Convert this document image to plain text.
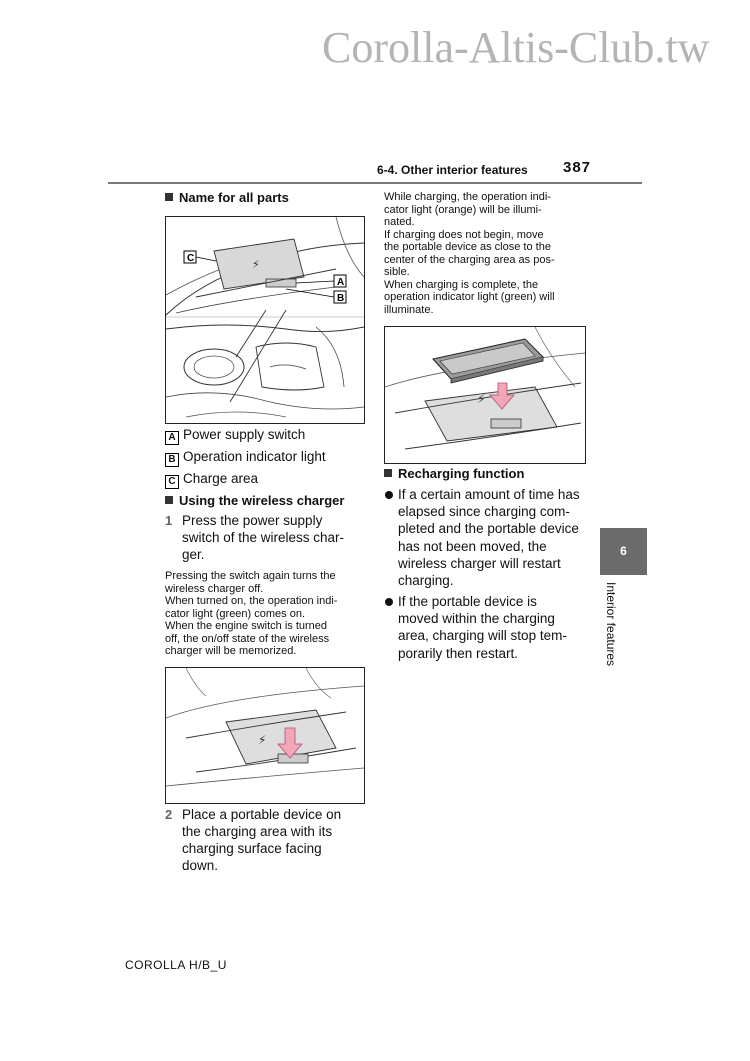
Corolla-Altis-Club.tw
6-4. Other interior features 387
Name for all parts
⚡
C
A
B
A Power supply switch
B Operation indicator light
C Charge area
Using the wireless charger
1 Press the power supply
switch of the wireless char-
ger.
Pressing the switch again turns the
wireless charger off.
When turned on, the operation indi-
cator light (green) comes on.
When the engine switch is turned
off, the on/off state of the wireless
charger will be memorized.
⚡
2 Place a portable device on
the charging area with its
charging surface facing
down.
While charging, the operation indi-
cator light (orange) will be illumi-
nated.
If charging does not begin, move
the portable device as close to the
center of the charging area as pos-
sible.
When charging is complete, the
operation indicator light (green) will
illuminate.
⚡
Recharging function
If a certain amount of time has
elapsed since charging com-
pleted and the portable device
has not been moved, the
wireless charger will restart
charging.
If the portable device is
moved within the charging
area, charging will stop tem-
porarily then restart.
6
Interior features
COROLLA H/B_U
